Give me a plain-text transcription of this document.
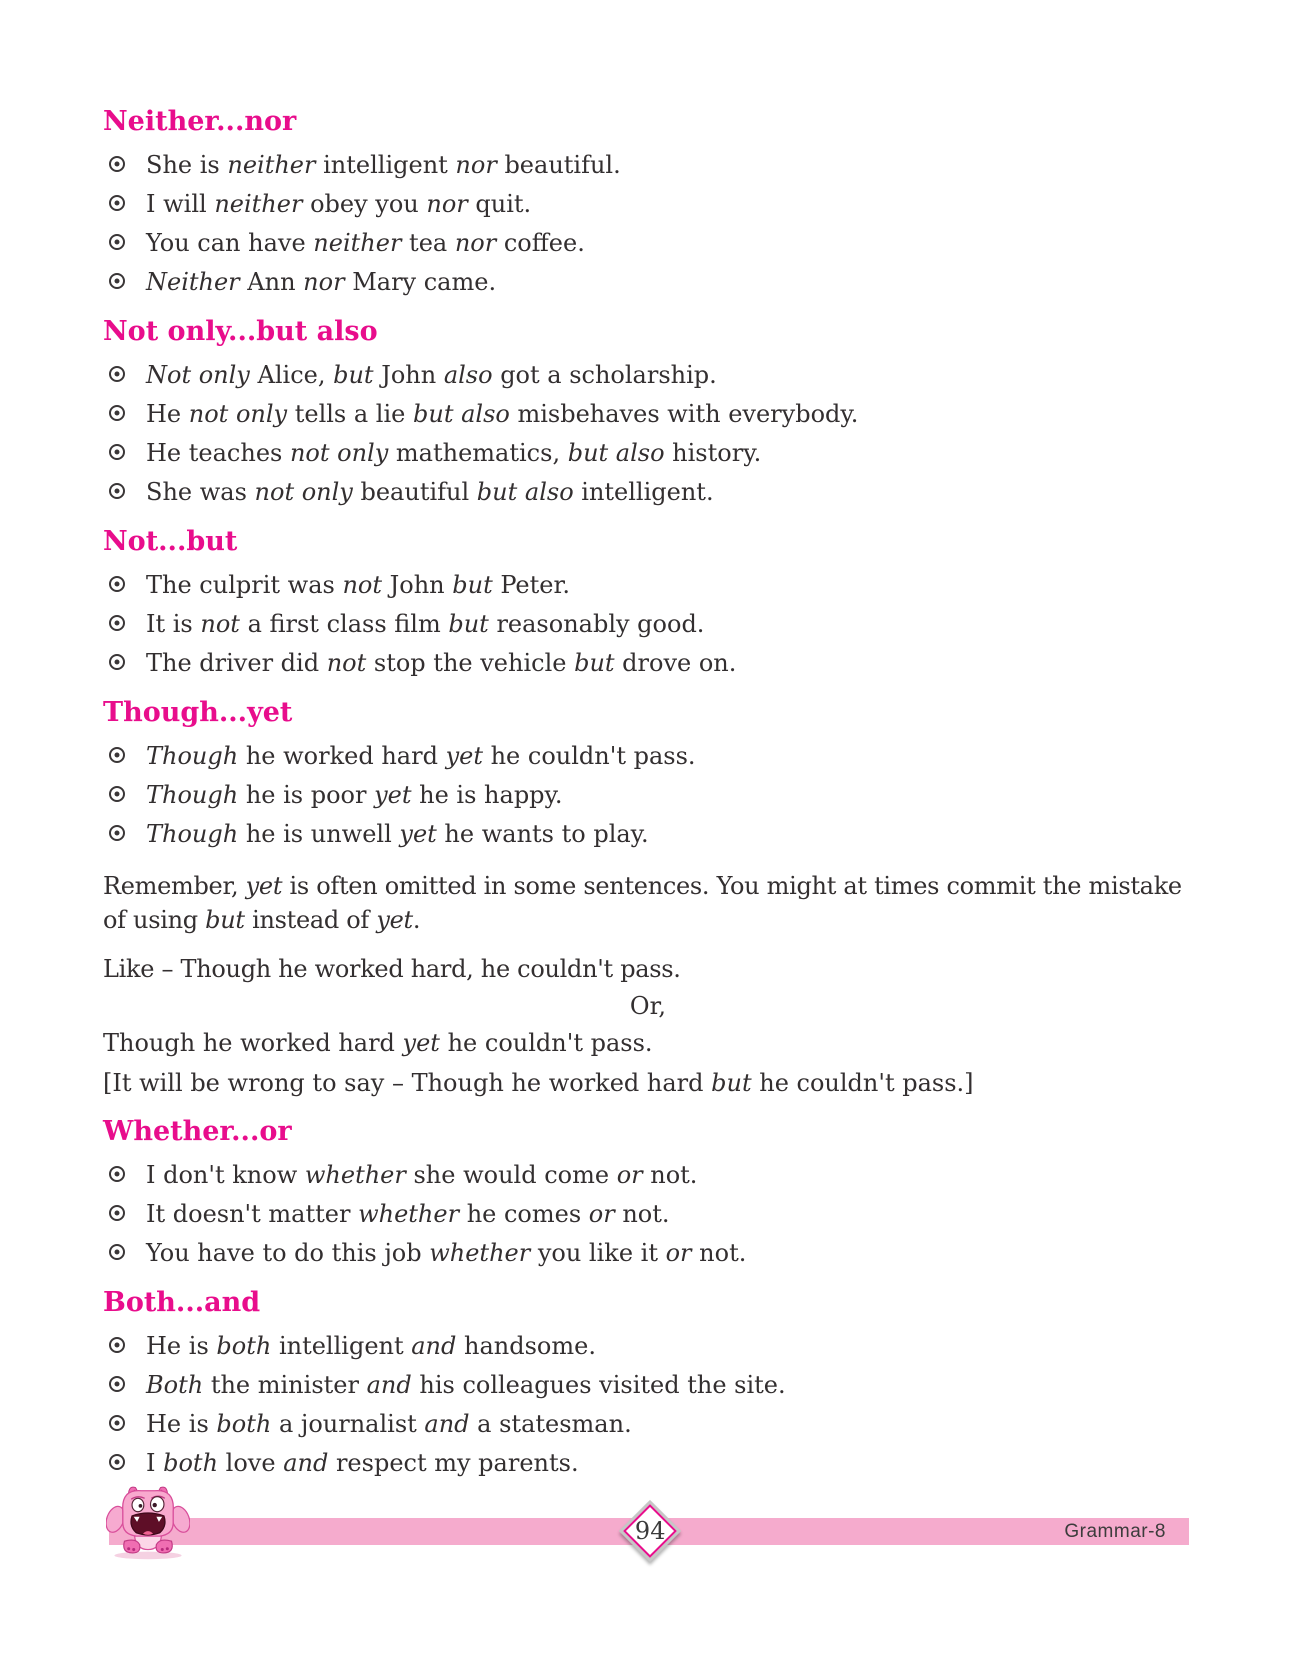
Neither...nor
She is neither intelligent nor beautiful.
I will neither obey you nor quit.
You can have neither tea nor coffee.
Neither Ann nor Mary came.
Not only...but also
Not only Alice, but John also got a scholarship.
He not only tells a lie but also misbehaves with everybody.
He teaches not only mathematics, but also history.
She was not only beautiful but also intelligent.
Not...but
The culprit was not John but Peter.
It is not a first class film but reasonably good.
The driver did not stop the vehicle but drove on.
Though...yet
Though he worked hard yet he couldn't pass.
Though he is poor yet he is happy.
Though he is unwell yet he wants to play.

Remember, yet is often omitted in some sentences. You might at times commit the mistake of using but instead of yet.

Like – Though he worked hard, he couldn't pass.

Or,

Though he worked hard yet he couldn't pass.

[It will be wrong to say – Though he worked hard but he couldn't pass.]

Whether...or
I don't know whether she would come or not.
It doesn't matter whether he comes or not.
You have to do this job whether you like it or not.
Both...and
He is both intelligent and handsome.
Both the minister and his colleagues visited the site.
He is both a journalist and a statesman.
I both love and respect my parents.
94	Grammar-8
